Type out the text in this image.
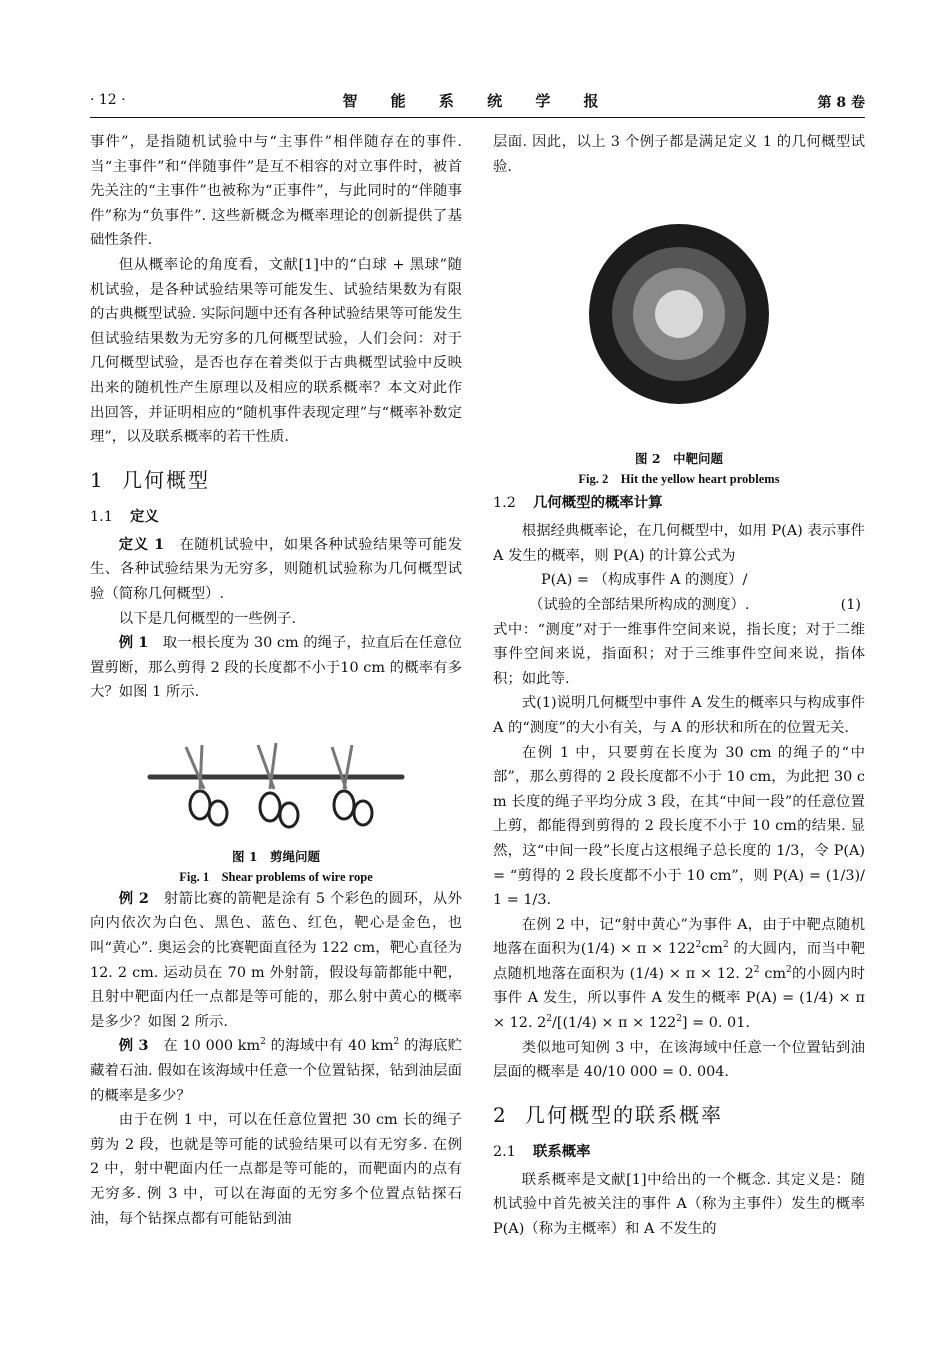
· 12 ·	智 能 系 统 学 报	第 8 卷

事件”，是指随机试验中与“主事件”相伴随存在的事件. 当“主事件”和“伴随事件”是互不相容的对立事件时，被首先关注的“主事件”也被称为“正事件”，与此同时的“伴随事件”称为“负事件”. 这些新概念为概率理论的创新提供了基础性条件.

但从概率论的角度看，文献[1]中的“白球 + 黑球”随机试验，是各种试验结果等可能发生、试验结果数为有限的古典概型试验. 实际问题中还有各种试验结果等可能发生但试验结果数为无穷多的几何概型试验，人们会问：对于几何概型试验，是否也存在着类似于古典概型试验中反映出来的随机性产生原理以及相应的联系概率？本文对此作出回答，并证明相应的“随机事件表现定理”与“概率补数定理”，以及联系概率的若干性质.

1 几何概型
1.1 定义

定义 1　 在随机试验中，如果各种试验结果等可能发生、各种试验结果为无穷多，则随机试验称为几何概型试验（简称几何概型）.

以下是几何概型的一些例子.

例 1　 取一根长度为 30 cm 的绳子，拉直后在任意位置剪断，那么剪得 2 段的长度都不小于10 cm 的概率有多大？如图 1 所示.

图 1　剪绳问题
Fig. 1　Shear problems of wire rope

例 2　 射箭比赛的箭靶是涂有 5 个彩色的圆环，从外向内依次为白色、黑色、蓝色、红色，靶心是金色，也叫“黄心”. 奥运会的比赛靶面直径为 122 cm，靶心直径为 12. 2 cm. 运动员在 70 m 外射箭，假设每箭都能中靶，且射中靶面内任一点都是等可能的，那么射中黄心的概率是多少？如图 2 所示.

例 3　 在 10 000 $km^2$ 的海域中有 40 $km^2$ 的海底贮藏着石油. 假如在该海域中任意一个位置钻探，钻到油层面的概率是多少？

由于在例 1 中，可以在任意位置把 30 cm 长的绳子剪为 2 段，也就是等可能的试验结果可以有无穷多. 在例 2 中，射中靶面内任一点都是等可能的，而靶面内的点有无穷多. 例 3 中，可以在海面的无穷多个位置点钻探石油，每个钻探点都有可能钻到油

层面. 因此，以上 3 个例子都是满足定义 1 的几何概型试验.

图 2　中靶问题
Fig. 2　Hit the yellow heart problems
1.2 几何概型的概率计算

根据经典概率论，在几何概型中，如用 P(A) 表示事件 A 发生的概率，则 P(A) 的计算公式为

P(A) = （构成事件 A 的测度）/

（试验的全部结果所构成的测度）.	(1)

式中：“测度”对于一维事件空间来说，指长度；对于二维事件空间来说，指面积；对于三维事件空间来说，指体积；如此等.

式(1)说明几何概型中事件 A 发生的概率只与构成事件 A 的“测度”的大小有关，与 A 的形状和所在的位置无关.

在例 1 中，只要剪在长度为 30 cm 的绳子的“中部”，那么剪得的 2 段长度都不小于 10 cm，为此把 30 cm 长度的绳子平均分成 3 段，在其“中间一段”的任意位置上剪，都能得到剪得的 2 段长度不小于 10 cm的结果. 显然，这“中间一段”长度占这根绳子总长度的 1/3，令 P(A) = “剪得的 2 段长度都不小于 10 cm”，则 P(A) = (1/3)/1 = 1/3.

在例 2 中，记“射中黄心”为事件 A，由于中靶点随机地落在面积为$(1/4) \times \pi \times 122^2cm^2$ 的大圆内，而当中靶点随机地落在面积为 (1/4) × π × 12. $2^2$ $cm^2$的小圆内时事件 A 发生，所以事件 A 发生的概率 P(A) = (1/4) × π × 12. $2^2/[(1/4) \times \pi \times 122^2] = 0$. 01.

类似地可知例 3 中，在该海域中任意一个位置钻到油层面的概率是 40/10 000 = 0. 004.

2 几何概型的联系概率
2.1 联系概率

联系概率是文献[1]中给出的一个概念. 其定义是：随机试验中首先被关注的事件 A（称为主事件）发生的概率 P(A)（称为主概率）和 A 不发生的
